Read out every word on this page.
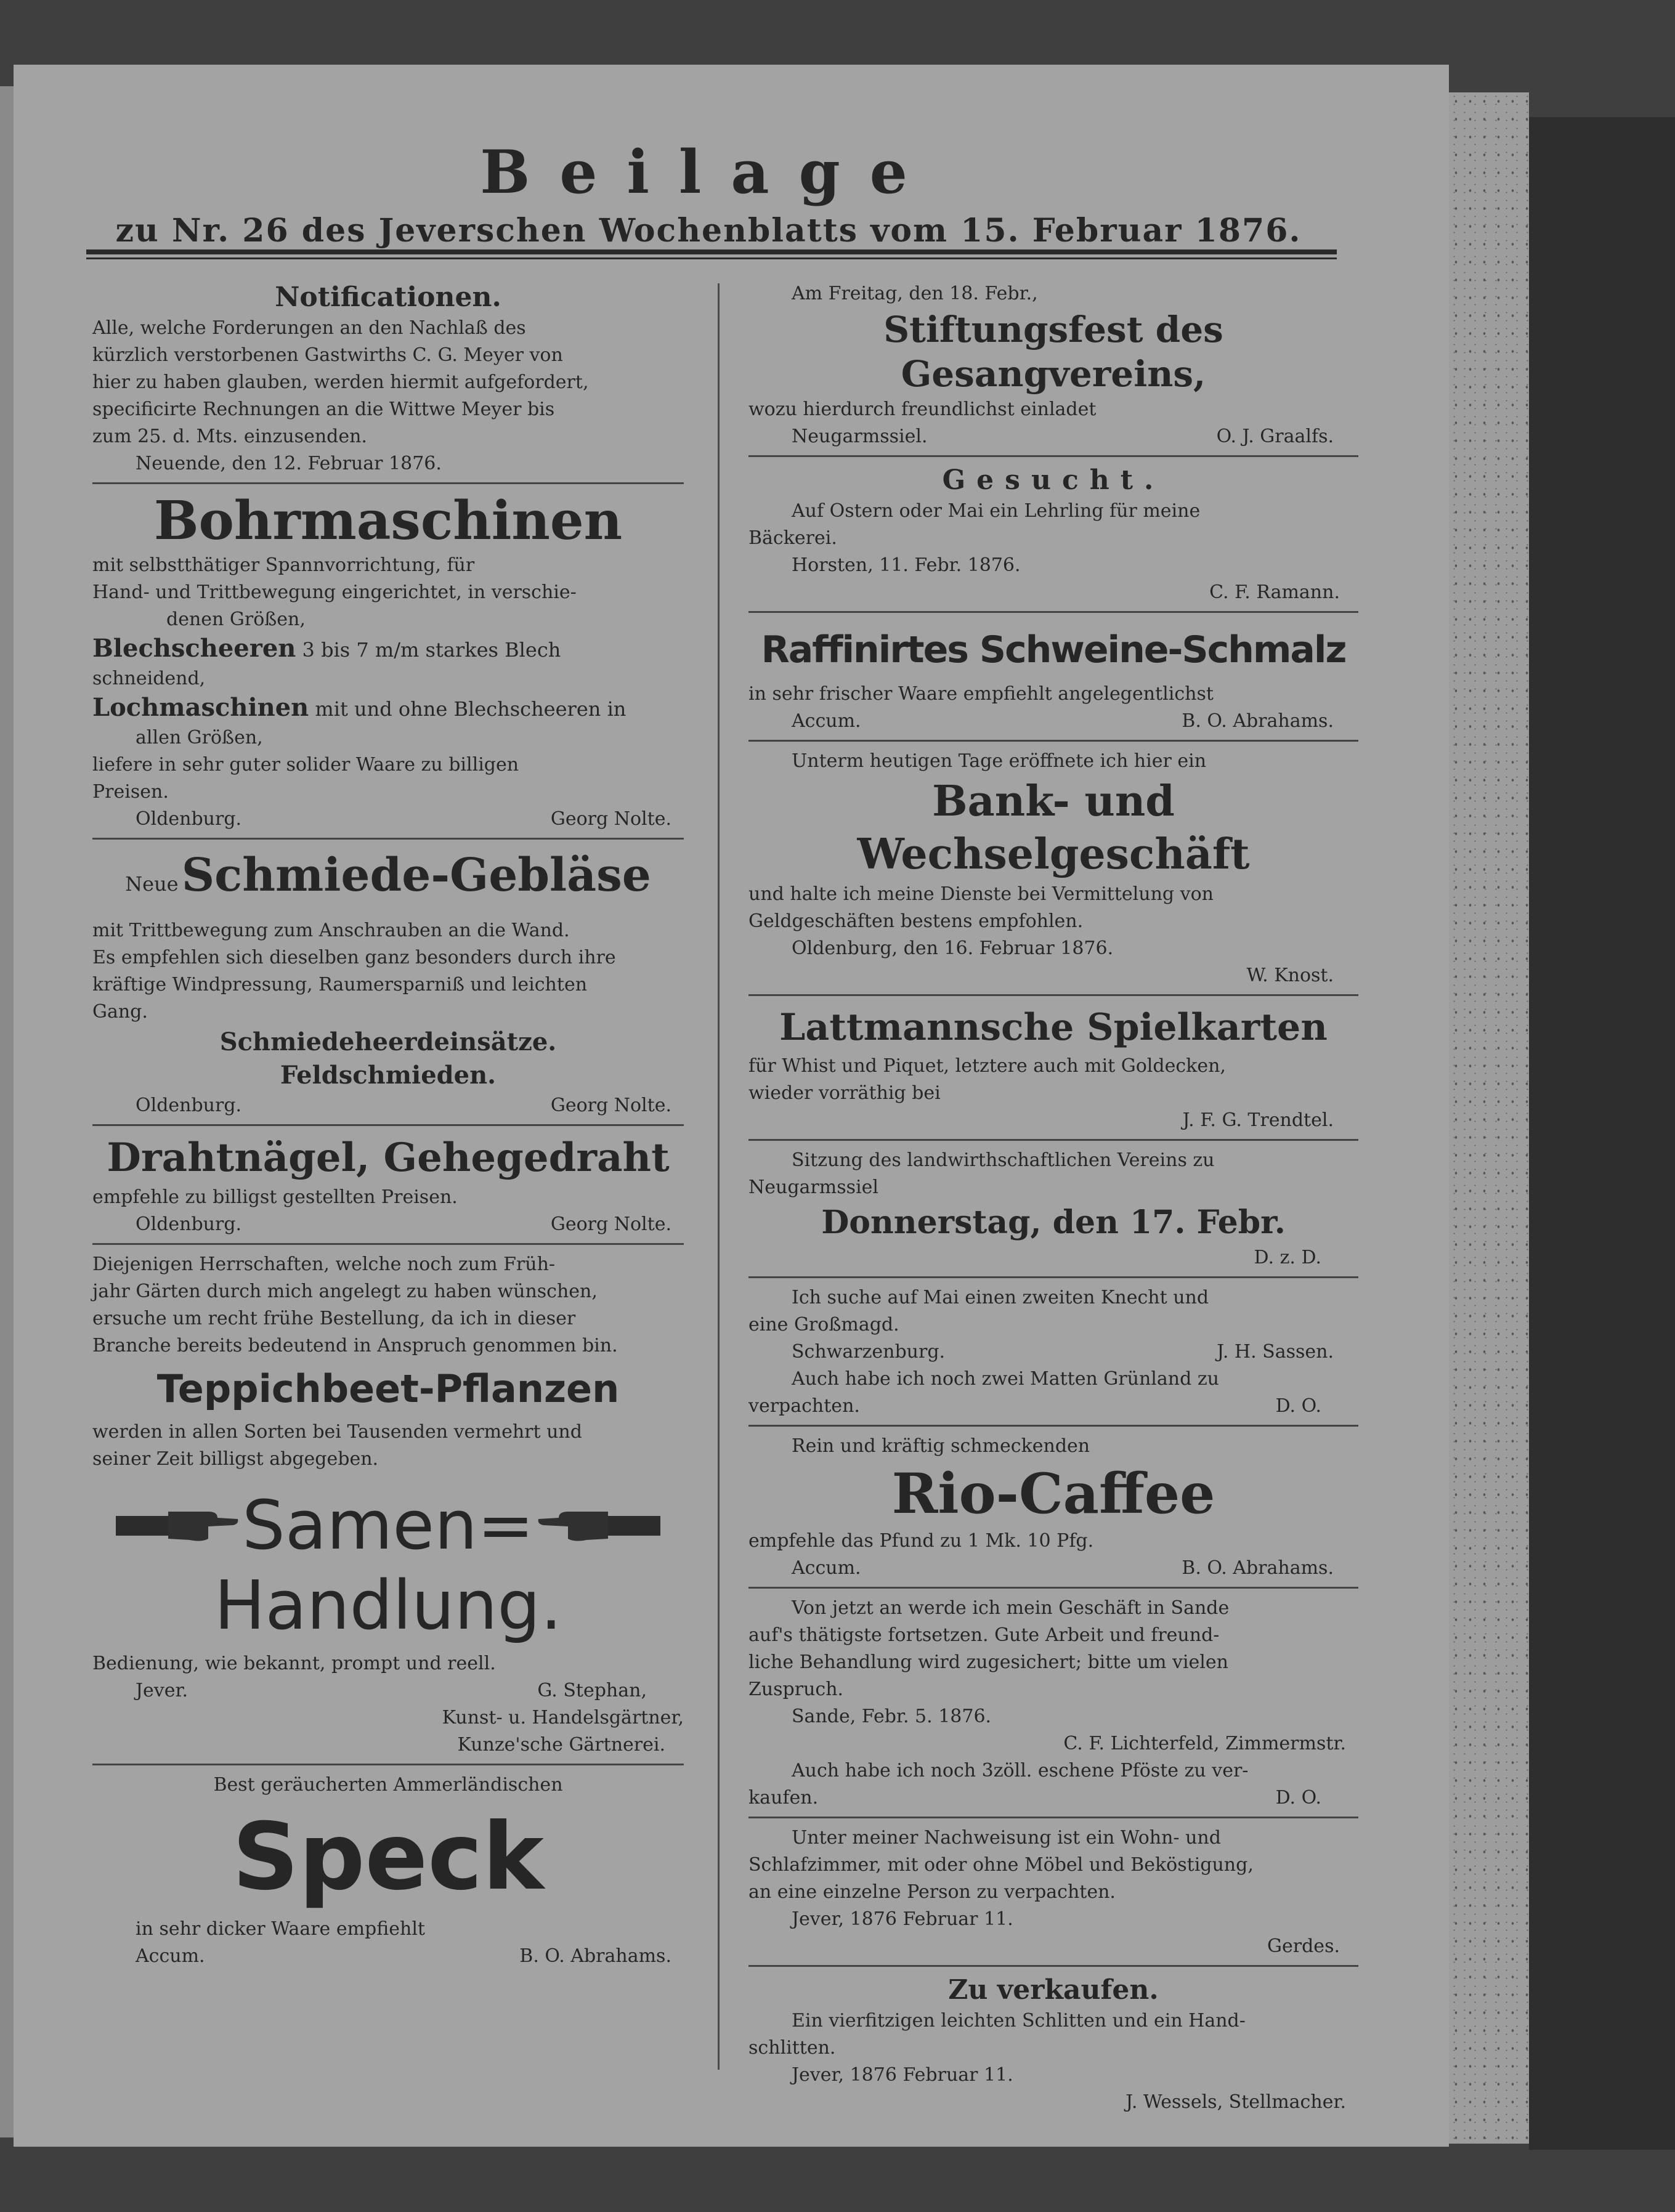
Beilage
zu Nr. 26 des Jeverschen Wochenblatts vom 15. Februar 1876.
Notificationen.

Alle, welche Forderungen an den Nachlaß des

kürzlich verstorbenen Gastwirths C. G. Meyer von

hier zu haben glauben, werden hiermit aufgefordert,

specificirte Rechnungen an die Wittwe Meyer bis

zum 25. d. Mts. einzusenden.

Neuende, den 12. Februar 1876.

Bohrmaschinen

mit selbstthätiger Spannvorrichtung, für

Hand- und Trittbewegung eingerichtet, in verschie-

denen Größen,

Blechscheeren 3 bis 7 m/m starkes Blech

schneidend,

Lochmaschinen mit und ohne Blechscheeren in

allen Größen,

liefere in sehr guter solider Waare zu billigen

Preisen.

Oldenburg.	Georg Nolte.
Neue Schmiede-Gebläse

mit Trittbewegung zum Anschrauben an die Wand.

Es empfehlen sich dieselben ganz besonders durch ihre

kräftige Windpressung, Raumersparniß und leichten

Gang.

Schmiedeheerdeinsätze.
Feldschmieden.
Oldenburg.	Georg Nolte.
Drahtnägel, Gehegedraht

empfehle zu billigst gestellten Preisen.

Oldenburg.	Georg Nolte.

Diejenigen Herrschaften, welche noch zum Früh-

jahr Gärten durch mich angelegt zu haben wünschen,

ersuche um recht frühe Bestellung, da ich in dieser

Branche bereits bedeutend in Anspruch genommen bin.

Teppichbeet-Pflanzen

werden in allen Sorten bei Tausenden vermehrt und

seiner Zeit billigst abgegeben.

Samen=
Handlung.

Bedienung, wie bekannt, prompt und reell.

Jever.	G. Stephan,

Kunst- u. Handelsgärtner,

Kunze'sche Gärtnerei.

Best geräucherten Ammerländischen

Speck

in sehr dicker Waare empfiehlt

Accum.	B. O. Abrahams.

Am Freitag, den 18. Febr.,

Stiftungsfest des Gesangvereins,

wozu hierdurch freundlichst einladet

Neugarmssiel.	O. J. Graalfs.
Gesucht.

Auf Ostern oder Mai ein Lehrling für meine

Bäckerei.

Horsten, 11. Febr. 1876.

C. F. Ramann.

Raffinirtes Schweine-Schmalz

in sehr frischer Waare empfiehlt angelegentlichst

Accum.	B. O. Abrahams.

Unterm heutigen Tage eröffnete ich hier ein

Bank- und Wechselgeschäft

und halte ich meine Dienste bei Vermittelung von

Geldgeschäften bestens empfohlen.

Oldenburg, den 16. Februar 1876.

W. Knost.

Lattmannsche Spielkarten

für Whist und Piquet, letztere auch mit Goldecken,

wieder vorräthig bei

J. F. G. Trendtel.

Sitzung des landwirthschaftlichen Vereins zu

Neugarmssiel

Donnerstag, den 17. Febr.

D. z. D.

Ich suche auf Mai einen zweiten Knecht und

eine Großmagd.

Schwarzenburg.	J. H. Sassen.

Auch habe ich noch zwei Matten Grünland zu

verpachten.	D. O.

Rein und kräftig schmeckenden

Rio-Caffee

empfehle das Pfund zu 1 Mk. 10 Pfg.

Accum.	B. O. Abrahams.

Von jetzt an werde ich mein Geschäft in Sande

auf's thätigste fortsetzen. Gute Arbeit und freund-

liche Behandlung wird zugesichert; bitte um vielen

Zuspruch.

Sande, Febr. 5. 1876.

C. F. Lichterfeld, Zimmermstr.

Auch habe ich noch 3zöll. eschene Pföste zu ver-

kaufen.	D. O.

Unter meiner Nachweisung ist ein Wohn- und

Schlafzimmer, mit oder ohne Möbel und Beköstigung,

an eine einzelne Person zu verpachten.

Jever, 1876 Februar 11.

Gerdes.

Zu verkaufen.

Ein vierfitzigen leichten Schlitten und ein Hand-

schlitten.

Jever, 1876 Februar 11.

J. Wessels, Stellmacher.
